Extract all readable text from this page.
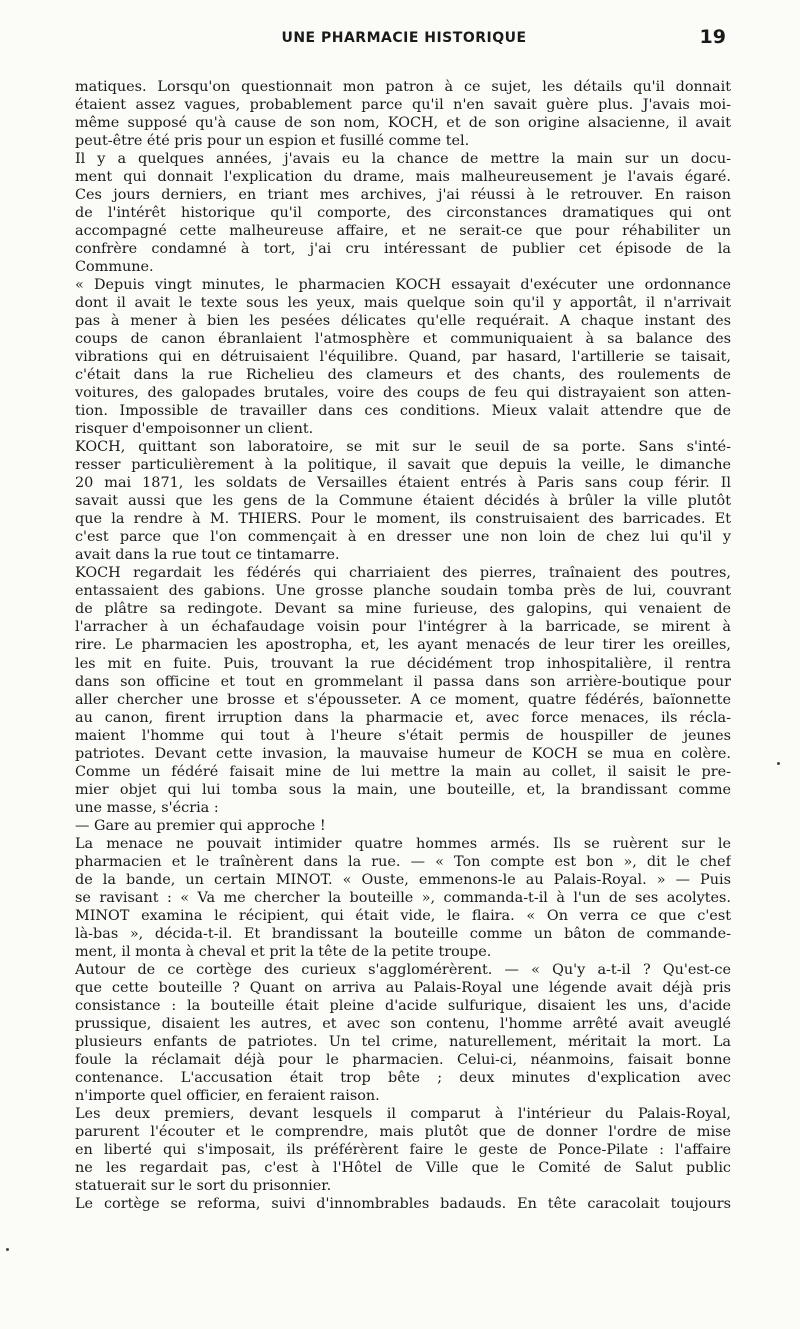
UNE PHARMACIE HISTORIQUE	19
matiques. Lorsqu'on questionnait mon patron à ce sujet, les détails qu'il donnait
étaient assez vagues, probablement parce qu'il n'en savait guère plus. J'avais moi-
même supposé qu'à cause de son nom, KOCH, et de son origine alsacienne, il avait
peut-être été pris pour un espion et fusillé comme tel.
Il y a quelques années, j'avais eu la chance de mettre la main sur un docu-
ment qui donnait l'explication du drame, mais malheureusement je l'avais égaré.
Ces jours derniers, en triant mes archives, j'ai réussi à le retrouver. En raison
de l'intérêt historique qu'il comporte, des circonstances dramatiques qui ont
accompagné cette malheureuse affaire, et ne serait-ce que pour réhabiliter un
confrère condamné à tort, j'ai cru intéressant de publier cet épisode de la
Commune.
« Depuis vingt minutes, le pharmacien KOCH essayait d'exécuter une ordonnance
dont il avait le texte sous les yeux, mais quelque soin qu'il y apportât, il n'arrivait
pas à mener à bien les pesées délicates qu'elle requérait. A chaque instant des
coups de canon ébranlaient l'atmosphère et communiquaient à sa balance des
vibrations qui en détruisaient l'équilibre. Quand, par hasard, l'artillerie se taisait,
c'était dans la rue Richelieu des clameurs et des chants, des roulements de
voitures, des galopades brutales, voire des coups de feu qui distrayaient son atten-
tion. Impossible de travailler dans ces conditions. Mieux valait attendre que de
risquer d'empoisonner un client.
KOCH, quittant son laboratoire, se mit sur le seuil de sa porte. Sans s'inté-
resser particulièrement à la politique, il savait que depuis la veille, le dimanche
20 mai 1871, les soldats de Versailles étaient entrés à Paris sans coup férir. Il
savait aussi que les gens de la Commune étaient décidés à brûler la ville plutôt
que la rendre à M. THIERS. Pour le moment, ils construisaient des barricades. Et
c'est parce que l'on commençait à en dresser une non loin de chez lui qu'il y
avait dans la rue tout ce tintamarre.
KOCH regardait les fédérés qui charriaient des pierres, traînaient des poutres,
entassaient des gabions. Une grosse planche soudain tomba près de lui, couvrant
de plâtre sa redingote. Devant sa mine furieuse, des galopins, qui venaient de
l'arracher à un échafaudage voisin pour l'intégrer à la barricade, se mirent à
rire. Le pharmacien les apostropha, et, les ayant menacés de leur tirer les oreilles,
les mit en fuite. Puis, trouvant la rue décidément trop inhospitalière, il rentra
dans son officine et tout en grommelant il passa dans son arrière-boutique pour
aller chercher une brosse et s'épousseter. A ce moment, quatre fédérés, baïonnette
au canon, firent irruption dans la pharmacie et, avec force menaces, ils récla-
maient l'homme qui tout à l'heure s'était permis de houspiller de jeunes
patriotes. Devant cette invasion, la mauvaise humeur de KOCH se mua en colère.
Comme un fédéré faisait mine de lui mettre la main au collet, il saisit le pre-
mier objet qui lui tomba sous la main, une bouteille, et, la brandissant comme
une masse, s'écria :
— Gare au premier qui approche !
La menace ne pouvait intimider quatre hommes armés. Ils se ruèrent sur le
pharmacien et le traînèrent dans la rue. — « Ton compte est bon », dit le chef
de la bande, un certain MINOT. « Ouste, emmenons-le au Palais-Royal. » — Puis
se ravisant : « Va me chercher la bouteille », commanda-t-il à l'un de ses acolytes.
MINOT examina le récipient, qui était vide, le flaira. « On verra ce que c'est
là-bas », décida-t-il. Et brandissant la bouteille comme un bâton de commande-
ment, il monta à cheval et prit la tête de la petite troupe.
Autour de ce cortège des curieux s'agglomérèrent. — « Qu'y a-t-il ? Qu'est-ce
que cette bouteille ? Quant on arriva au Palais-Royal une légende avait déjà pris
consistance : la bouteille était pleine d'acide sulfurique, disaient les uns, d'acide
prussique, disaient les autres, et avec son contenu, l'homme arrêté avait aveuglé
plusieurs enfants de patriotes. Un tel crime, naturellement, méritait la mort. La
foule la réclamait déjà pour le pharmacien. Celui-ci, néanmoins, faisait bonne
contenance. L'accusation était trop bête ; deux minutes d'explication avec
n'importe quel officier, en feraient raison.
Les deux premiers, devant lesquels il comparut à l'intérieur du Palais-Royal,
parurent l'écouter et le comprendre, mais plutôt que de donner l'ordre de mise
en liberté qui s'imposait, ils préférèrent faire le geste de Ponce-Pilate : l'affaire
ne les regardait pas, c'est à l'Hôtel de Ville que le Comité de Salut public
statuerait sur le sort du prisonnier.
Le cortège se reforma, suivi d'innombrables badauds. En tête caracolait toujours
